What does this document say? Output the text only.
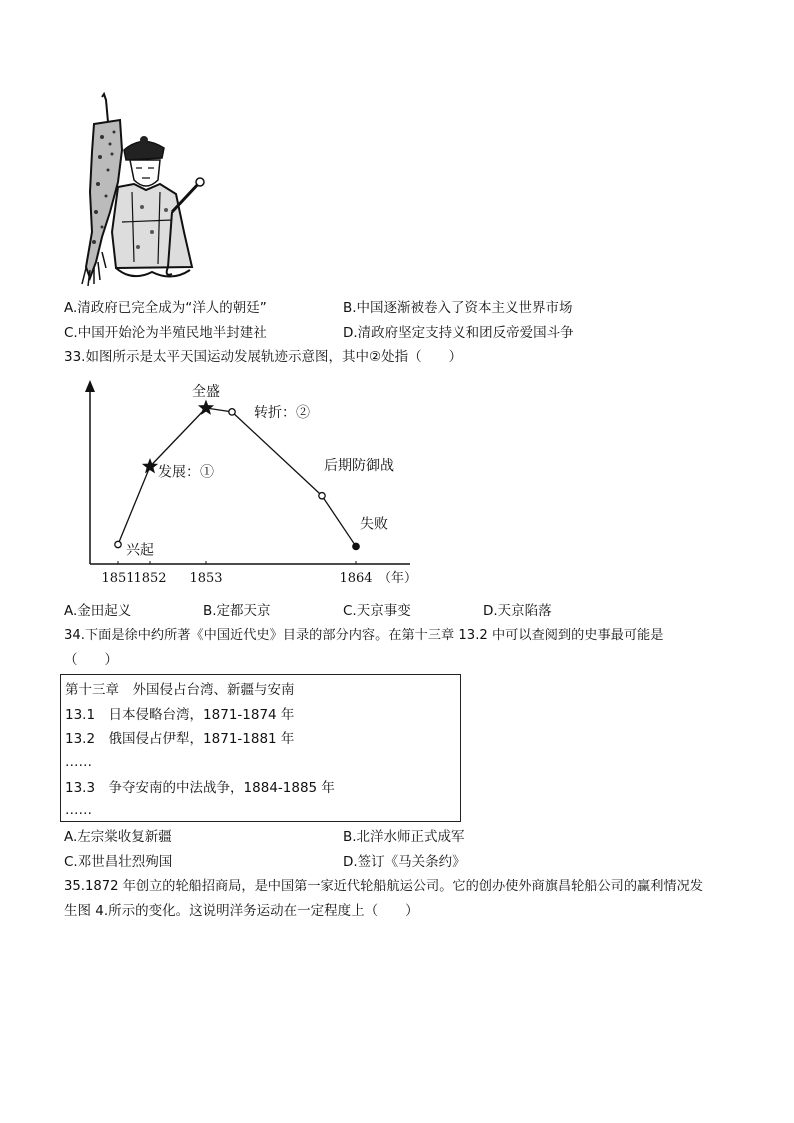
A.清政府已完全成为“洋人的朝廷”	B.中国逐渐被卷入了资本主义世界市场
C.中国开始沦为半殖民地半封建社	D.清政府坚定支持义和团反帝爱国斗争
33.如图所示是太平天国运动发展轨迹示意图，其中②处指（　　）
兴起
发展：①
全盛
转折：②
后期防御战
失败
1851
1852 1853	1864 （年）
A.金田起义	B.定都天京	C.天京事变	D.天京陷落
34.下面是徐中约所著《中国近代史》目录的部分内容。在第十三章 13.2 中可以查阅到的史事最可能是
（　　）
第十三章　外国侵占台湾、新疆与安南
13.1　日本侵略台湾，1871-1874 年
13.2　俄国侵占伊犁，1871-1881 年
……
13.3　争夺安南的中法战争，1884-1885 年
……
A.左宗棠收复新疆	B.北洋水师正式成军
C.邓世昌壮烈殉国	D.签订《马关条约》
35.1872 年创立的轮船招商局，是中国第一家近代轮船航运公司。它的创办使外商旗昌轮船公司的赢利情况发
生图 4.所示的变化。这说明洋务运动在一定程度上（　　）
